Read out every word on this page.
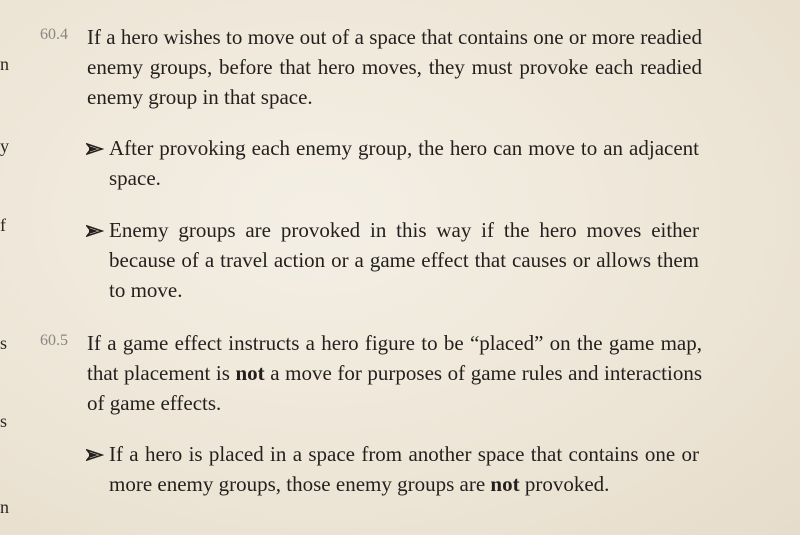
n
y
f
s
s
n
60.4 If a hero wishes to move out of a space that contains one or more readied enemy groups, before that hero moves, they must provoke each readied enemy group in that space.
After provoking each enemy group, the hero can move to an adjacent space.
Enemy groups are provoked in this way if the hero moves either because of a travel action or a game effect that causes or allows them to move.
60.5 If a game effect instructs a hero figure to be “placed” on the game map, that placement is not a move for purposes of game rules and interactions of game effects.
If a hero is placed in a space from another space that contains one or more enemy groups, those enemy groups are not provoked.
